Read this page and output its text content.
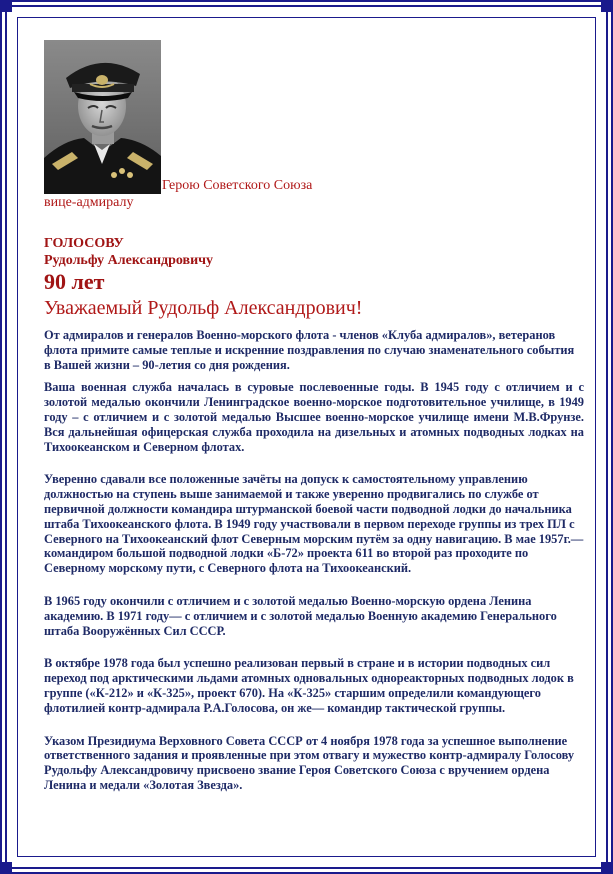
Герою Советского Союза
вице-адмиралу
ГОЛОСОВУ
Рудольфу Александровичу
90 лет
Уважаемый Рудольф Александрович!

От адмиралов и генералов Военно-морского флота - членов «Клуба адмиралов», ветеранов флота примите самые теплые и искренние поздравления по случаю знаменательного события в Вашей жизни – 90-летия со дня рождения.

Ваша военная служба началась в суровые послевоенные годы. В 1945 году с отличием и с золотой медалью окончили Ленинградское военно-морское подготовительное училище, в 1949 году – с отличием и с золотой медалью Высшее военно-морское училище имени М.В.Фрунзе. Вся дальнейшая офицерская служба проходила на дизельных и атомных подводных лодках на Тихоокеанском и Северном флотах.

Уверенно сдавали все положенные зачёты на допуск к самостоятельному управлению должностью на ступень выше занимаемой и также уверенно продвигались по службе от первичной должности командира штурманской боевой части подводной лодки до начальника штаба Тихоокеанского флота. В 1949 году участвовали в первом переходе группы из трех ПЛ с Северного на Тихоокеанский флот Северным морским путём за одну навигацию. В мае 1957г.— командиром большой подводной лодки «Б-72» проекта 611 во второй раз проходите по Северному морскому пути, с Северного флота на Тихоокеанский.

В 1965 году окончили с отличием и с золотой медалью Военно-морскую ордена Ленина академию. В 1971 году— с отличием и с золотой медалью Военную академию Генерального штаба Вооружённых Сил СССР.

В октябре 1978 года был успешно реализован первый в стране и в истории подводных сил переход под арктическими льдами атомных одновальных однореакторных подводных лодок в группе («К-212» и «К-325», проект 670). На «К-325» старшим определили командующего флотилией контр-адмирала Р.А.Голосова, он же— командир тактической группы.

Указом Президиума Верховного Совета СССР от 4 ноября 1978 года за успешное выполнение ответственного задания и проявленные при этом отвагу и мужество контр-адмиралу Голосову Рудольфу Александровичу присвоено звание Героя Советского Союза с вручением ордена Ленина и медали «Золотая Звезда».
